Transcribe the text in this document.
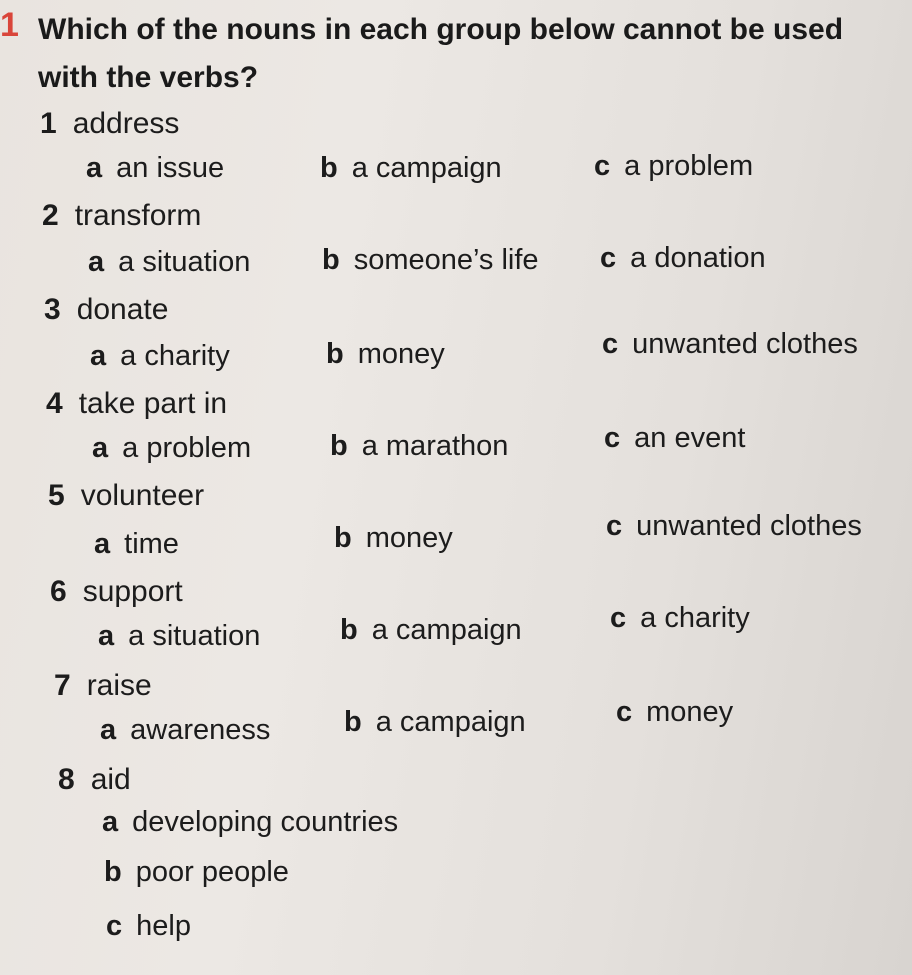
1 Which of the nouns in each group below cannot be used with the verbs?
1 address
a an issue	b a campaign	c a problem
2 transform
a a situation b someone’s life c a donation
3 donate
a a charity	b money	c unwanted clothes
4 take part in
a a problem	b a marathon	c an event
5 volunteer
a time	b money	c unwanted clothes
6 support
a a situation	b a campaign	c a charity
7 raise
a awareness	b a campaign	c money
8 aid
a developing countries
b poor people
c help
